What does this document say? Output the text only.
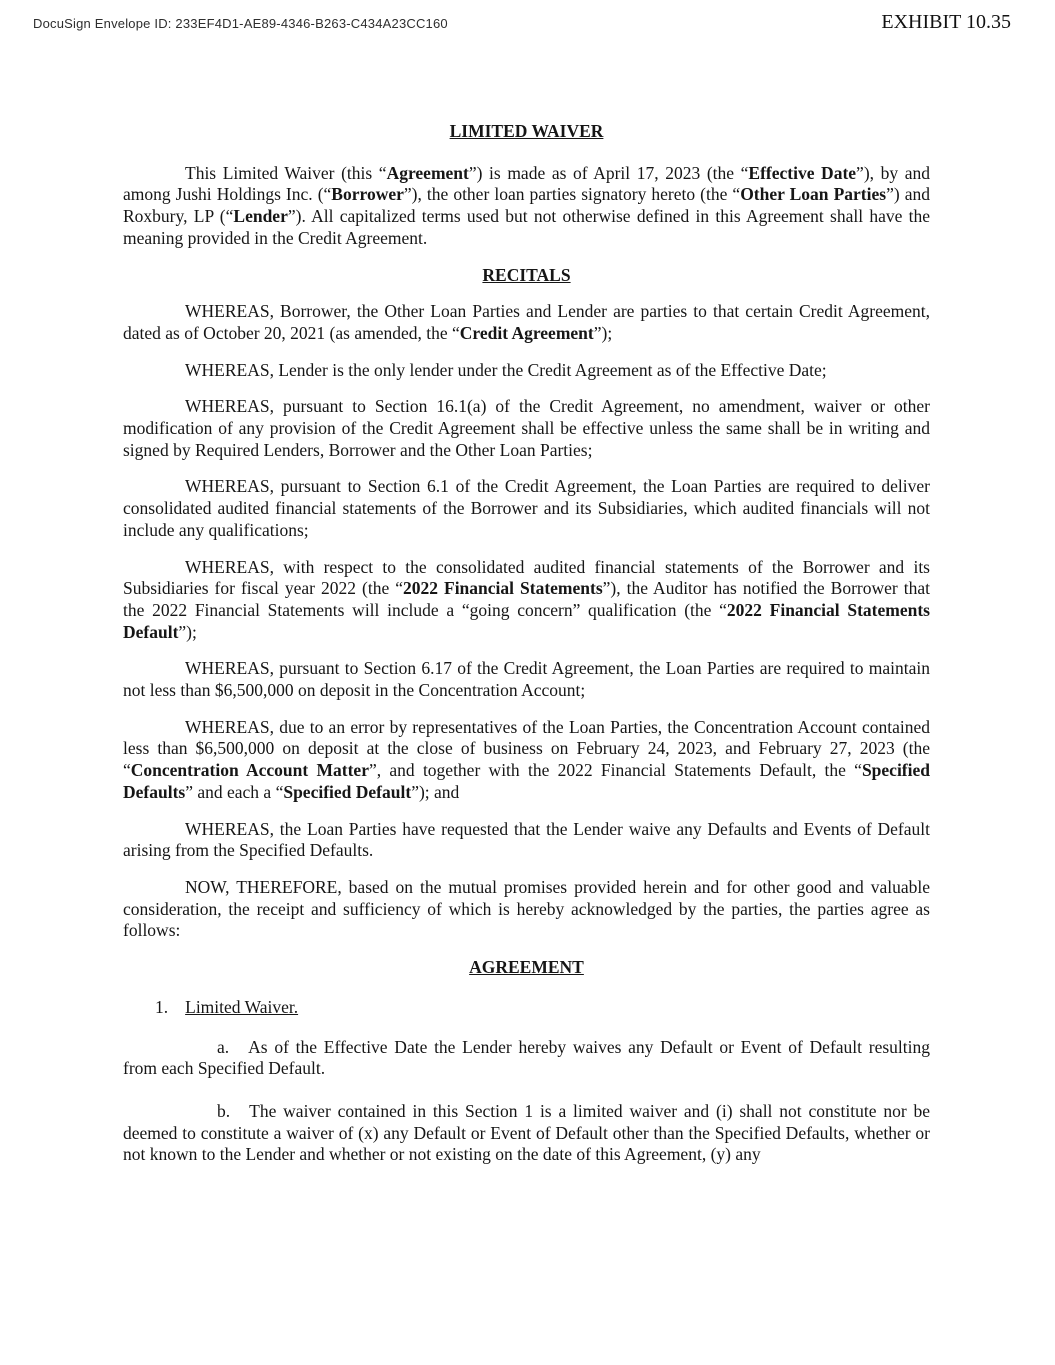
DocuSign Envelope ID: 233EF4D1-AE89-4346-B263-C434A23CC160	EXHIBIT 10.35
LIMITED WAIVER

This Limited Waiver (this “Agreement”) is made as of April 17, 2023 (the “Effective Date”), by and among Jushi Holdings Inc. (“Borrower”), the other loan parties signatory hereto (the “Other Loan Parties”) and Roxbury, LP (“Lender”). All capitalized terms used but not otherwise defined in this Agreement shall have the meaning provided in the Credit Agreement.

RECITALS

WHEREAS, Borrower, the Other Loan Parties and Lender are parties to that certain Credit Agreement, dated as of October 20, 2021 (as amended, the “Credit Agreement”);

WHEREAS, Lender is the only lender under the Credit Agreement as of the Effective Date;

WHEREAS, pursuant to Section 16.1(a) of the Credit Agreement, no amendment, waiver or other modification of any provision of the Credit Agreement shall be effective unless the same shall be in writing and signed by Required Lenders, Borrower and the Other Loan Parties;

WHEREAS, pursuant to Section 6.1 of the Credit Agreement, the Loan Parties are required to deliver consolidated audited financial statements of the Borrower and its Subsidiaries, which audited financials will not include any qualifications;

WHEREAS, with respect to the consolidated audited financial statements of the Borrower and its Subsidiaries for fiscal year 2022 (the “2022 Financial Statements”), the Auditor has notified the Borrower that the 2022 Financial Statements will include a “going concern” qualification (the “2022 Financial Statements Default”);

WHEREAS, pursuant to Section 6.17 of the Credit Agreement, the Loan Parties are required to maintain not less than $6,500,000 on deposit in the Concentration Account;

WHEREAS, due to an error by representatives of the Loan Parties, the Concentration Account contained less than $6,500,000 on deposit at the close of business on February 24, 2023, and February 27, 2023 (the “Concentration Account Matter”, and together with the 2022 Financial Statements Default, the “Specified Defaults” and each a “Specified Default”); and

WHEREAS, the Loan Parties have requested that the Lender waive any Defaults and Events of Default arising from the Specified Defaults.

NOW, THEREFORE, based on the mutual promises provided herein and for other good and valuable consideration, the receipt and sufficiency of which is hereby acknowledged by the parties, the parties agree as follows:

AGREEMENT

1. Limited Waiver.

a. As of the Effective Date the Lender hereby waives any Default or Event of Default resulting from each Specified Default.

b. The waiver contained in this Section 1 is a limited waiver and (i) shall not constitute nor be deemed to constitute a waiver of (x) any Default or Event of Default other than the Specified Defaults, whether or not known to the Lender and whether or not existing on the date of this Agreement, (y) any
